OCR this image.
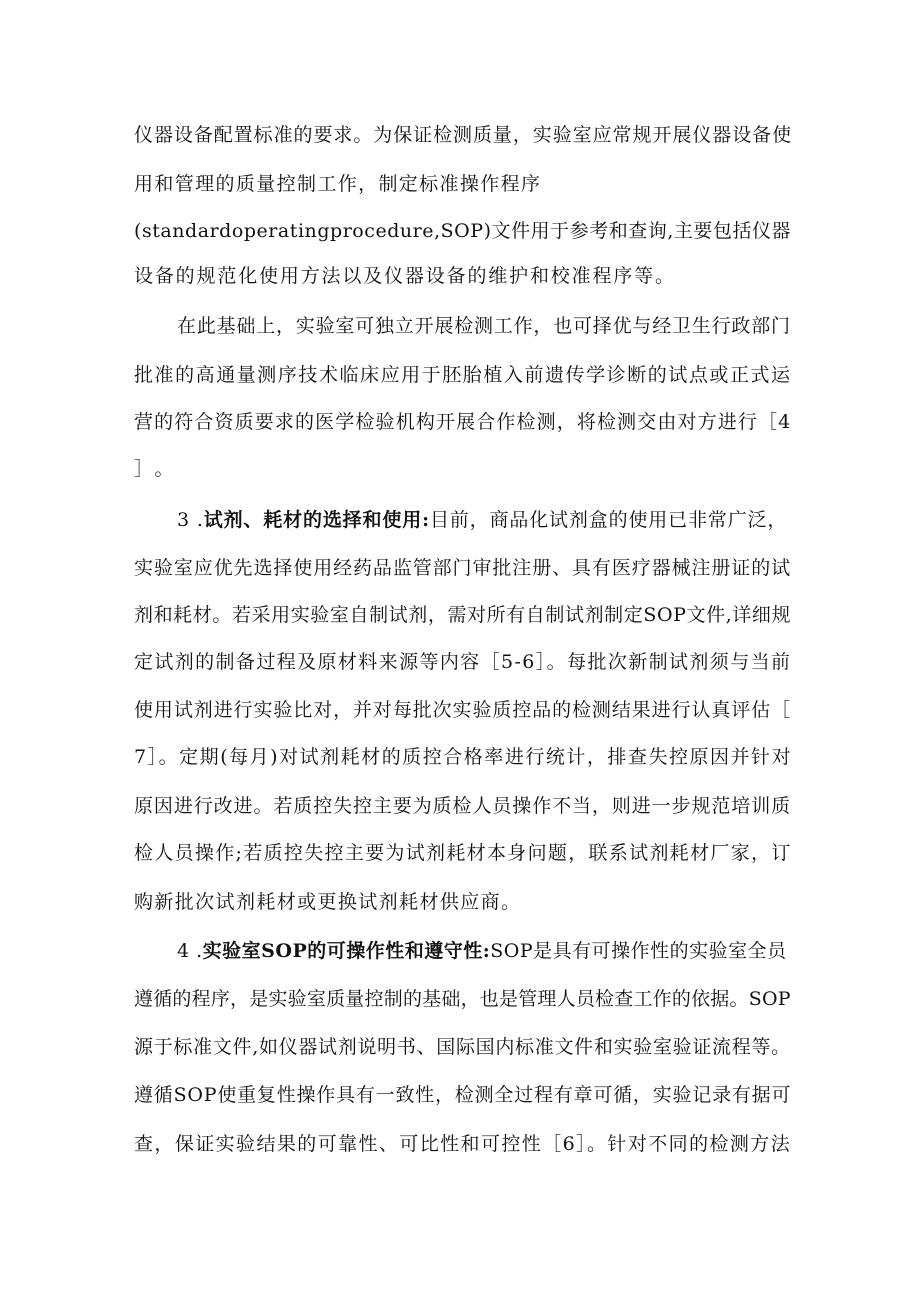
仪器设备配置标准的要求。为保证检测质量，实验室应常规开展仪器设备使
用和管理的质量控制工作，制定标准操作程序
(standardoperatingprocedure,SOP)文件用于参考和查询,主要包括仪器
设备的规范化使用方法以及仪器设备的维护和校准程序等。
在此基础上，实验室可独立开展检测工作，也可择优与经卫生行政部门
批准的高通量测序技术临床应用于胚胎植入前遗传学诊断的试点或正式运
营的符合资质要求的医学检验机构开展合作检测，将检测交由对方进行［4
］。
3 .试剂、耗材的选择和使用:目前，商品化试剂盒的使用已非常广泛，
实验室应优先选择使用经药品监管部门审批注册、具有医疗器械注册证的试
剂和耗材。若采用实验室自制试剂，需对所有自制试剂制定SOP文件,详细规
定试剂的制备过程及原材料来源等内容［5-6］。每批次新制试剂须与当前
使用试剂进行实验比对，并对每批次实验质控品的检测结果进行认真评估［
7］。定期(每月)对试剂耗材的质控合格率进行统计，排查失控原因并针对
原因进行改进。若质控失控主要为质检人员操作不当，则进一步规范培训质
检人员操作;若质控失控主要为试剂耗材本身问题，联系试剂耗材厂家，订
购新批次试剂耗材或更换试剂耗材供应商。
4 .实验室SOP的可操作性和遵守性:SOP是具有可操作性的实验室全员
遵循的程序，是实验室质量控制的基础，也是管理人员检查工作的依据。SOP
源于标准文件,如仪器试剂说明书、国际国内标准文件和实验室验证流程等。
遵循SOP使重复性操作具有一致性，检测全过程有章可循，实验记录有据可
查，保证实验结果的可靠性、可比性和可控性［6］。针对不同的检测方法
